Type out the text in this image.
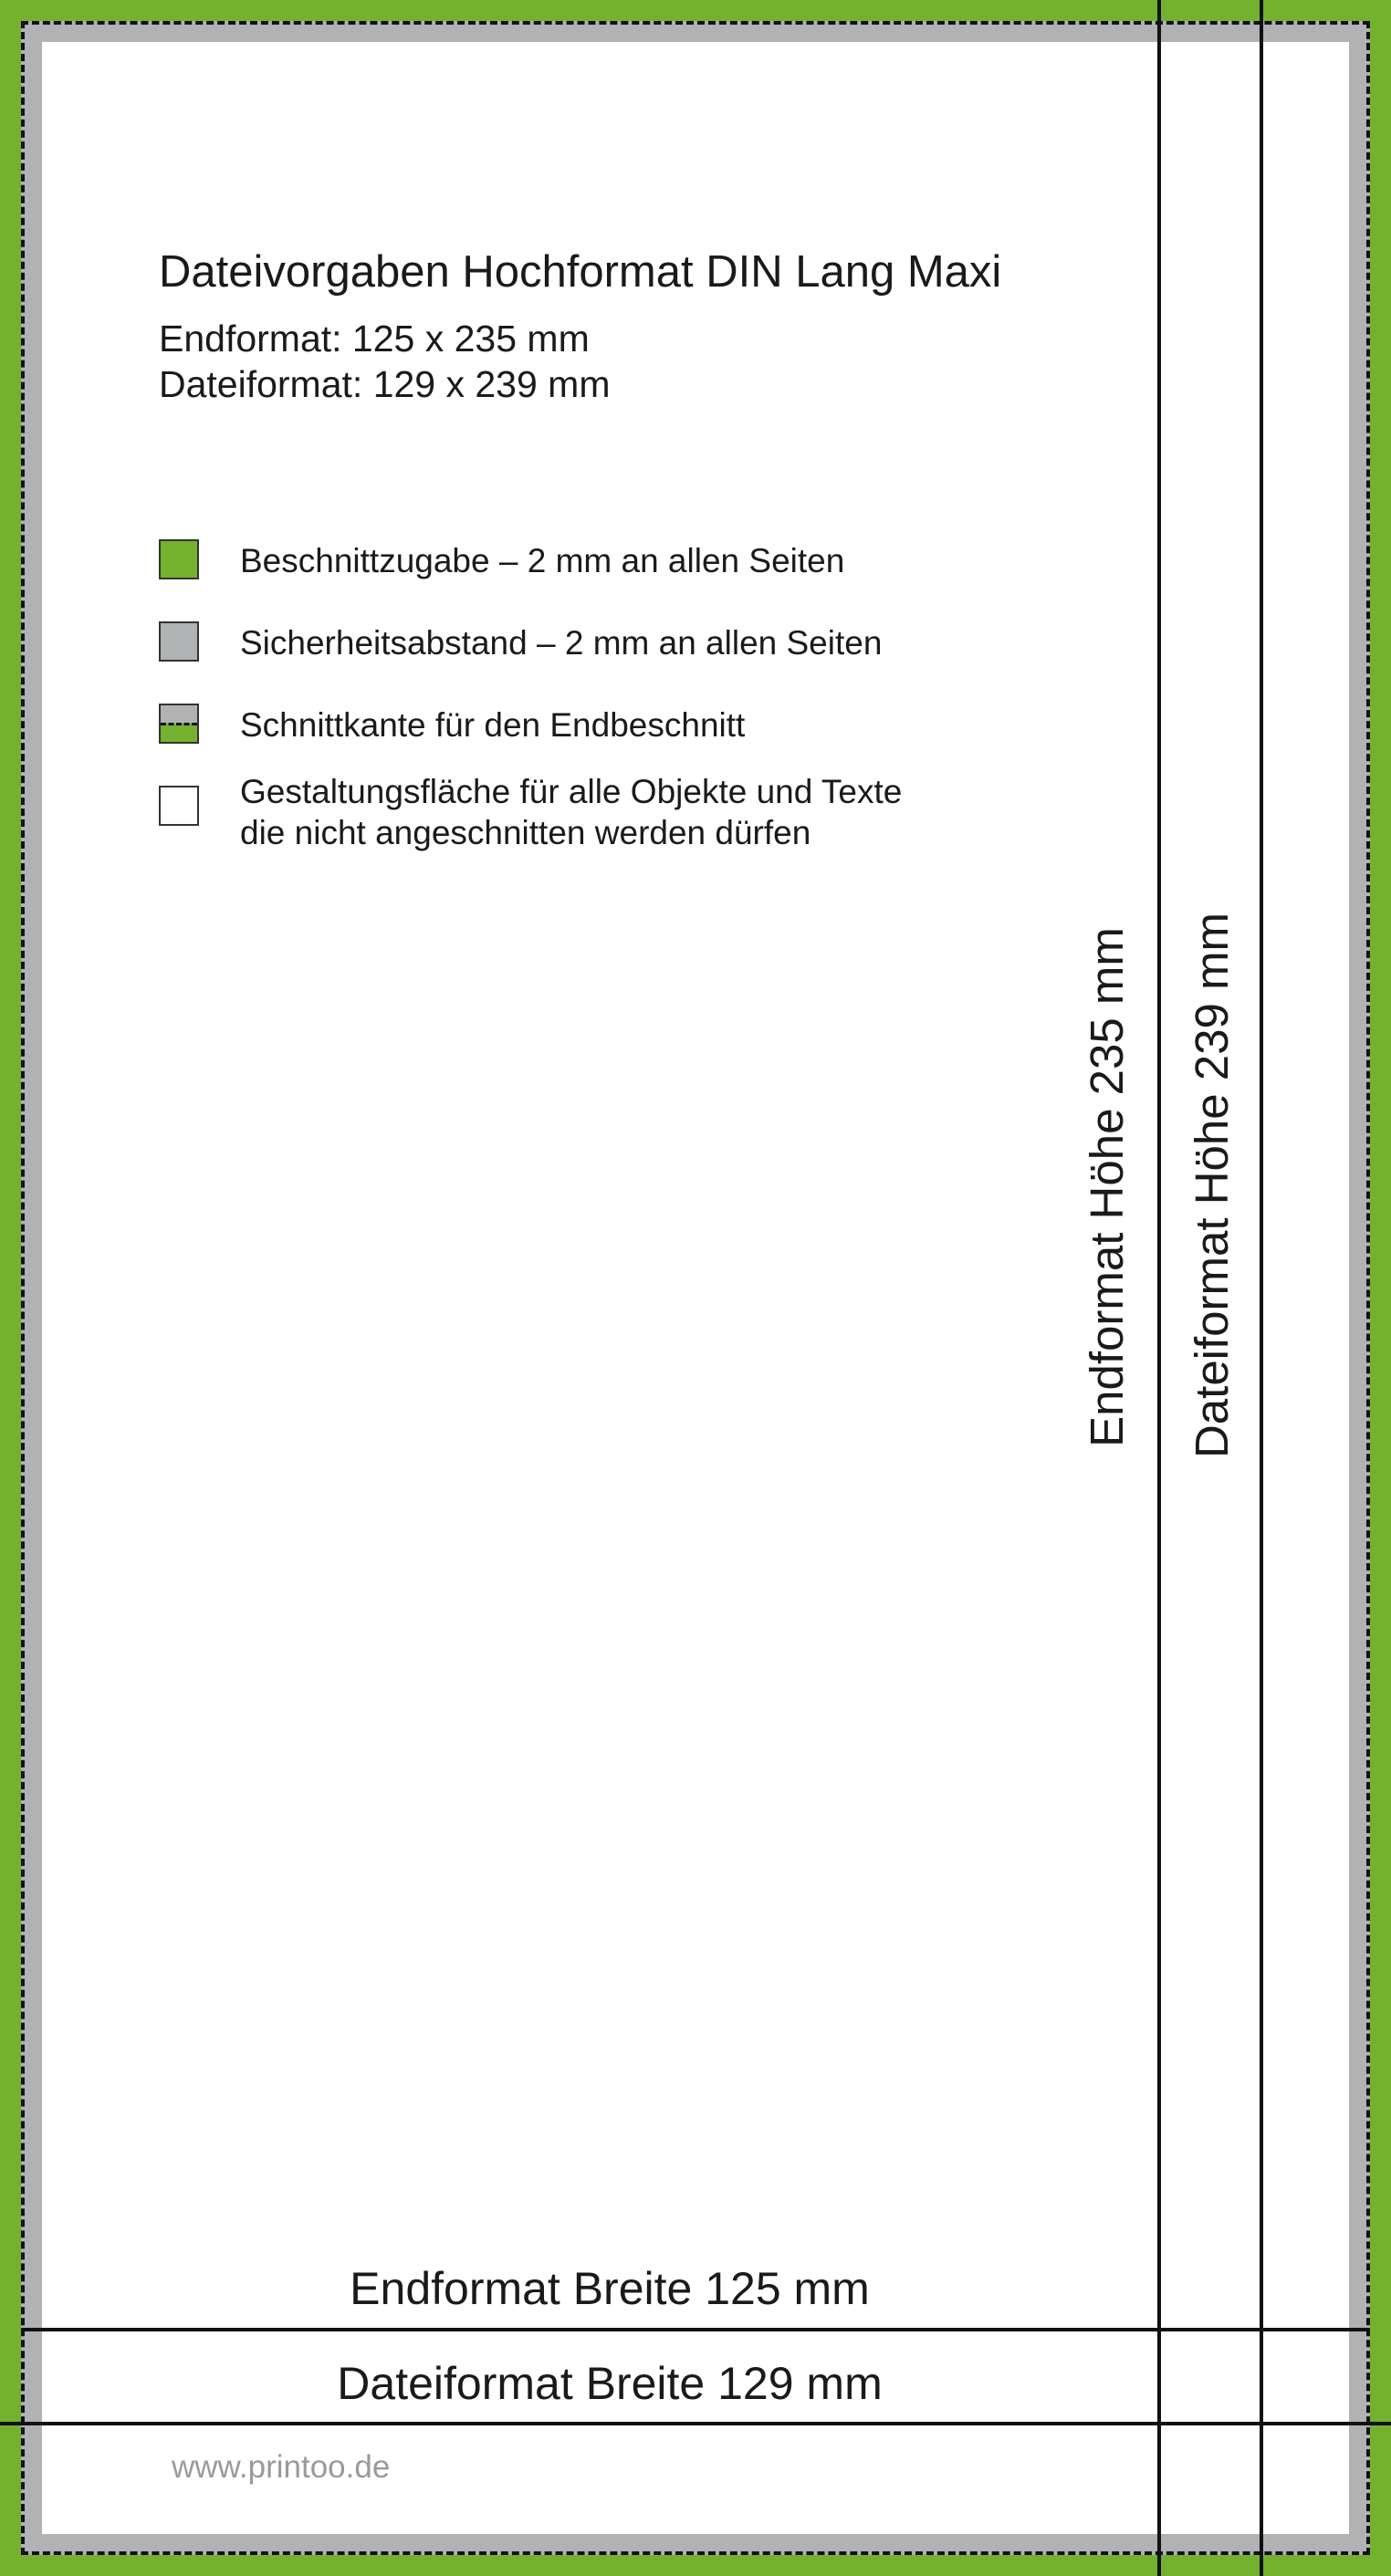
Dateivorgaben Hochformat DIN Lang Maxi
Endformat: 125 x 235 mm
Dateiformat: 129 x 239 mm
Beschnittzugabe – 2 mm an allen Seiten
Sicherheitsabstand – 2 mm an allen Seiten
Schnittkante für den Endbeschnitt
Gestaltungsfläche für alle Objekte und Texte
die nicht angeschnitten werden dürfen
Endformat Breite 125 mm
Dateiformat Breite 129 mm
Endformat Höhe 235 mm Dateiformat Höhe 239 mm
www.printoo.de
